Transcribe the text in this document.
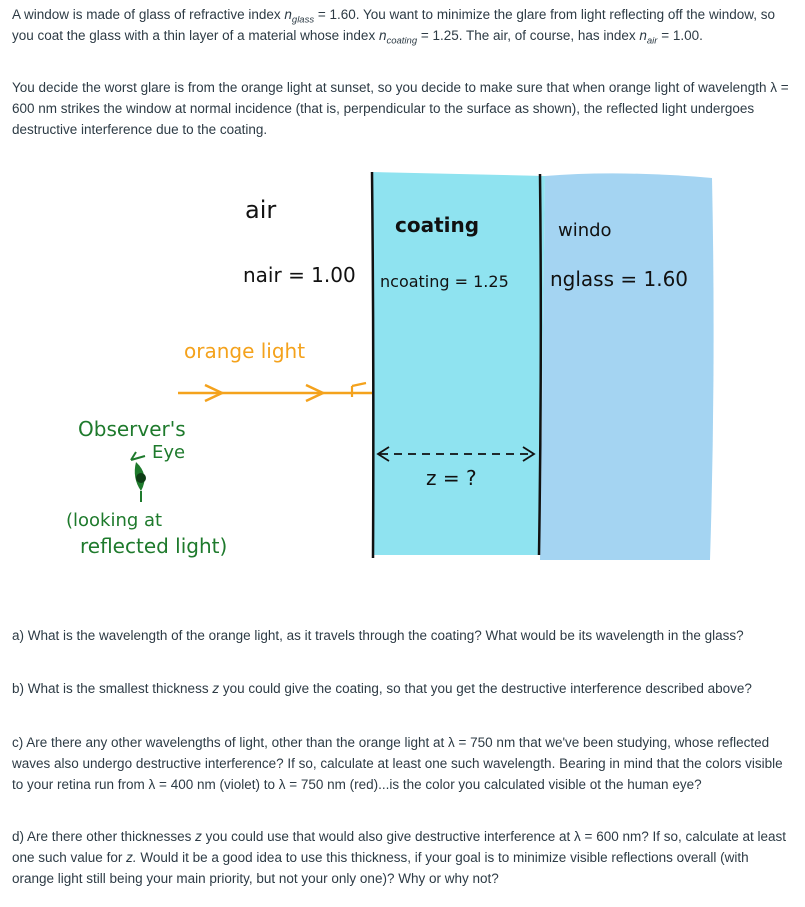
A window is made of glass of refractive index $n_{glass} = 1.60$. You want to minimize the glare from light reflecting off the window, so you coat the glass with a thin layer of a material whose index $n_{coating} = 1.25$. The air, of course, has index $n_{air} = 1.00$.

You decide the worst glare is from the orange light at sunset, so you decide to make sure that when orange light of wavelength λ = 600 nm strikes the window at normal incidence (that is, perpendicular to the surface as shown), the reflected light undergoes destructive interference due to the coating.

air
coating	windo
nair = 1.00 ncoating = 1.25 nglass = 1.60
orange light
Observer's
Eye
(looking at
reflected light)
z = ?

a) What is the wavelength of the orange light, as it travels through the coating? What would be its wavelength in the glass?

b) What is the smallest thickness z you could give the coating, so that you get the destructive interference described above?

c) Are there any other wavelengths of light, other than the orange light at λ = 750 nm that we've been studying, whose reflected waves also undergo destructive interference? If so, calculate at least one such wavelength. Bearing in mind that the colors visible to your retina run from λ = 400 nm (violet) to λ = 750 nm (red)...is the color you calculated visible ot the human eye?

d) Are there other thicknesses z you could use that would also give destructive interference at λ = 600 nm? If so, calculate at least one such value for z. Would it be a good idea to use this thickness, if your goal is to minimize visible reflections overall (with orange light still being your main priority, but not your only one)? Why or why not?
